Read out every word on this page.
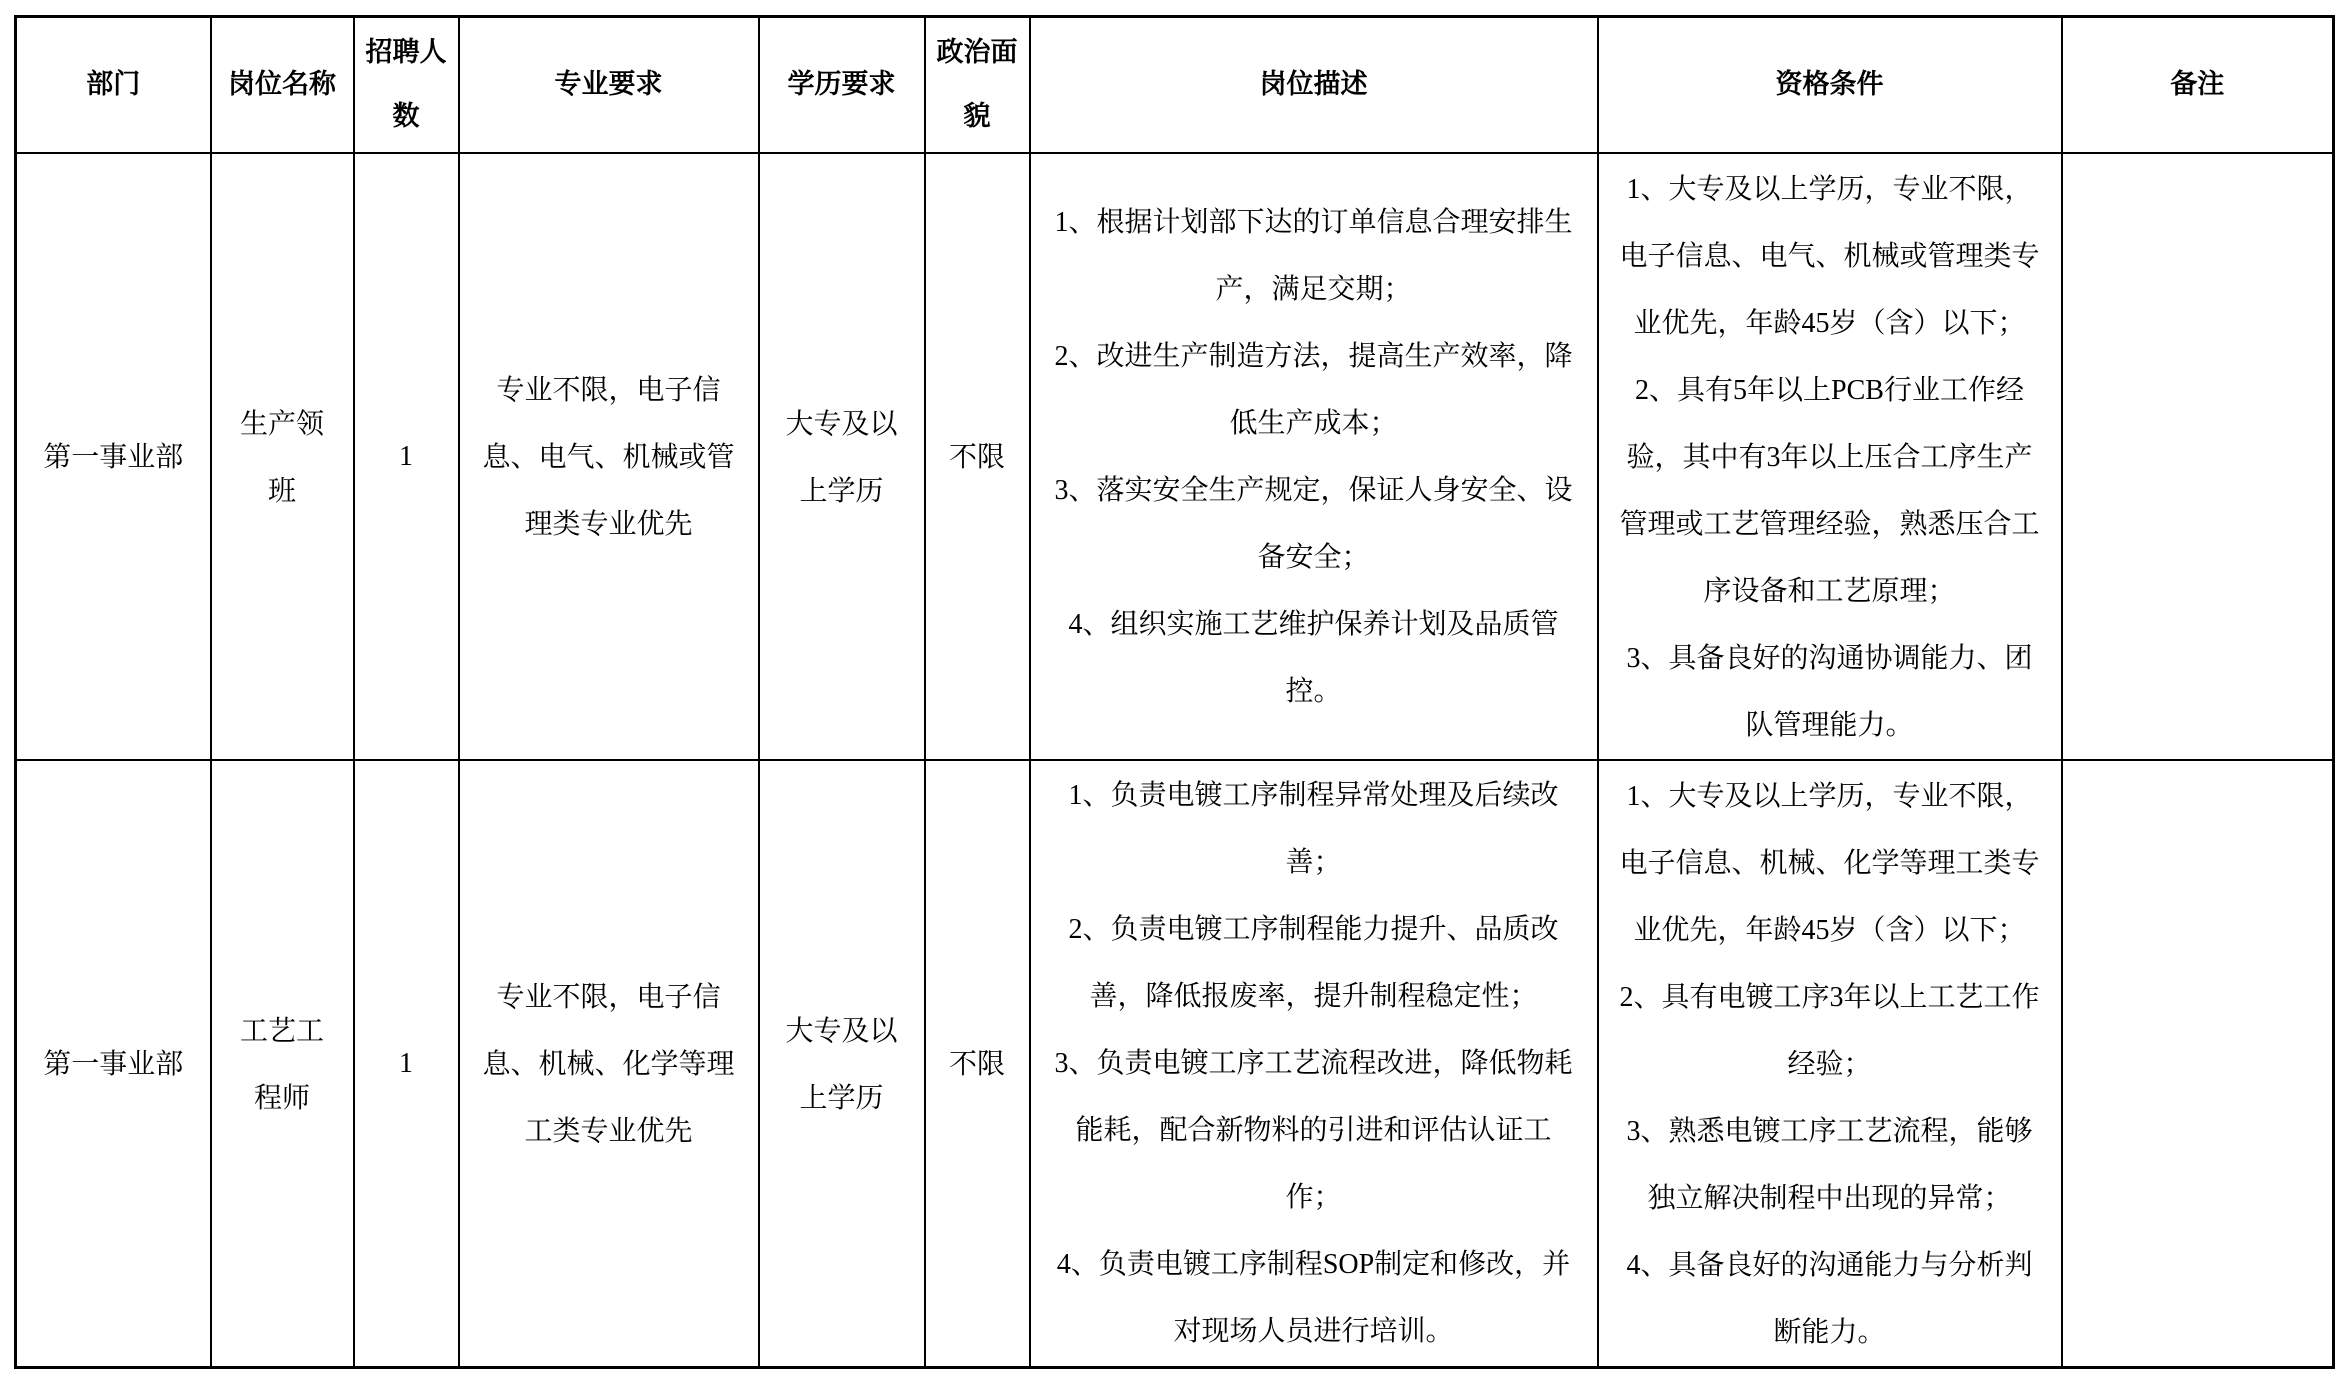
部门	岗位名称	招聘人数	专业要求	学历要求	政治面貌	岗位描述	资格条件	备注
第一事业部	生产领班	1	专业不限，电子信息、电气、机械或管理类专业优先	大专及以上学历	不限	1、根据计划部下达的订单信息合理安排生产，满足交期；
2、改进生产制造方法，提高生产效率，降低生产成本；
3、落实安全生产规定，保证人身安全、设备安全；
4、组织实施工艺维护保养计划及品质管控。	1、大专及以上学历，专业不限，电子信息、电气、机械或管理类专业优先，年龄45岁（含）以下；
2、具有5年以上PCB行业工作经验，其中有3年以上压合工序生产管理或工艺管理经验，熟悉压合工序设备和工艺原理；
3、具备良好的沟通协调能力、团队管理能力。	

第一事业部	工艺工程师	1	专业不限，电子信息、机械、化学等理工类专业优先	大专及以上学历	不限	1、负责电镀工序制程异常处理及后续改善；
2、负责电镀工序制程能力提升、品质改善，降低报废率，提升制程稳定性；
3、负责电镀工序工艺流程改进，降低物耗能耗，配合新物料的引进和评估认证工作；
4、负责电镀工序制程SOP制定和修改，并对现场人员进行培训。	1、大专及以上学历，专业不限，电子信息、机械、化学等理工类专业优先，年龄45岁（含）以下；
2、具有电镀工序3年以上工艺工作经验；
3、熟悉电镀工序工艺流程，能够独立解决制程中出现的异常；
4、具备良好的沟通能力与分析判断能力。	
